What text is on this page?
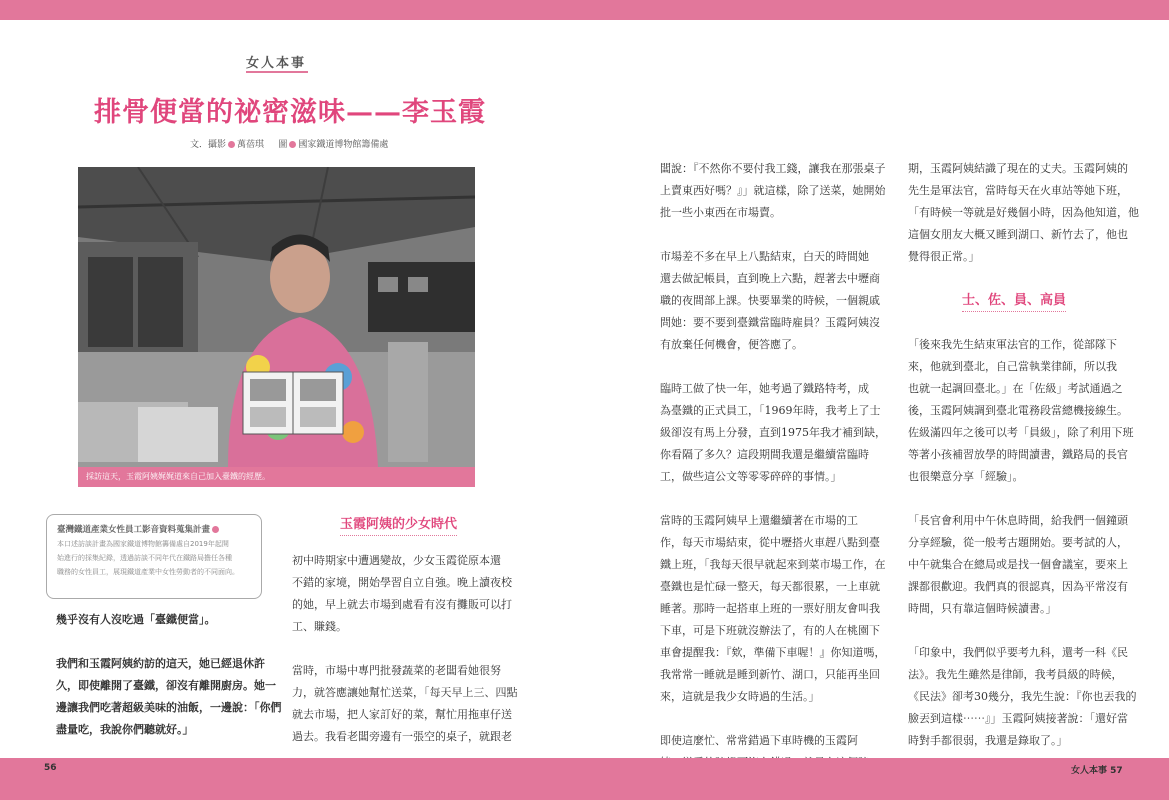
女人本事
排骨便當的祕密滋味——李玉霞
文．攝影 萬蓓琪 圖 國家鐵道博物館籌備處
採訪這天，玉霞阿姨娓娓道來自己加入臺鐵的經歷。
臺灣鐵道產業女性員工影音資料蒐集計畫
本口述訪談計畫為國家鐵道博物館籌備處自2019年起開
始進行的採集紀錄，透過訪談不同年代在鐵路局擔任各種
職務的女性員工，展現鐵道產業中女性勞動者的不同面向。
玉霞阿姨的少女時代
士、佐、員、高員

幾乎沒有人沒吃過「臺鐵便當」。

我們和玉霞阿姨約訪的這天，她已經退休許
久，即使離開了臺鐵，卻沒有離開廚房。她一
邊讓我們吃著超級美味的油飯，一邊說：「你們
盡量吃，我說你們聽就好。」

初中時期家中遭遇變故，少女玉霞從原本還
不錯的家境，開始學習自立自強。晚上讀夜校
的她，早上就去市場到處看有沒有攤販可以打
工、賺錢。

當時，市場中專門批發蔬菜的老闆看她很努
力，就答應讓她幫忙送菜，「每天早上三、四點
就去市場，把人家訂好的菜，幫忙用拖車仔送
過去。我看老闆旁邊有一張空的桌子，就跟老

闆說：『不然你不要付我工錢，讓我在那張桌子
上賣東西好嗎？』」就這樣，除了送菜，她開始
批一些小東西在市場賣。

市場差不多在早上八點結束，白天的時間她
還去做記帳員，直到晚上六點，趕著去中壢商
職的夜間部上課。快要畢業的時候，一個親戚
問她：要不要到臺鐵當臨時雇員？玉霞阿姨沒
有放棄任何機會，便答應了。

臨時工做了快一年，她考過了鐵路特考，成
為臺鐵的正式員工，「1969年時，我考上了士
級卻沒有馬上分發，直到1975年我才補到缺，
你看隔了多久？這段期間我還是繼續當臨時
工，做些這公文等零零碎碎的事情。」

當時的玉霞阿姨早上還繼續著在市場的工
作，每天市場結束，從中壢搭火車趕八點到臺
鐵上班，「我每天很早就起來到菜市場工作，在
臺鐵也是忙碌一整天，每天都很累，一上車就
睡著。那時一起搭車上班的一票好朋友會叫我
下車，可是下班就沒辦法了，有的人在桃園下
車會提醒我：『欸，準備下車喔！』你知道嗎，
我常常一睡就是睡到新竹、湖口，只能再坐回
來，這就是我少女時過的生活。」

即使這麼忙、常常錯過下車時機的玉霞阿

期，玉霞阿姨結識了現在的丈夫。玉霞阿姨的
先生是軍法官，當時每天在火車站等她下班，
「有時候一等就是好幾個小時，因為他知道，他
這個女朋友大概又睡到湖口、新竹去了，他也
覺得很正常。」

「後來我先生結束軍法官的工作，從部隊下
來，他就到臺北，自己當執業律師，所以我
也就一起調回臺北。」在「佐級」考試通過之
後，玉霞阿姨調到臺北電務段當總機接線生。
佐級滿四年之後可以考「員級」，除了利用下班
等著小孩補習放學的時間讀書，鐵路局的長官
也很樂意分享「經驗」。

「長官會利用中午休息時間，給我們一個鐘頭
分享經驗，從一般考古題開始。要考試的人，
中午就集合在總局或是找一個會議室，要來上
課都很歡迎。我們真的很認真，因為平常沒有
時間，只有靠這個時候讀書。」

「印象中，我們似乎要考九科，還考一科《民
法》。我先生雖然是律師，我考員級的時候，
《民法》卻考30幾分，我先生說：『你也丟我的
臉丟到這樣⋯⋯』」玉霞阿姨接著說：「還好當
時對手都很弱，我還是錄取了。」

56	女人本事 57
